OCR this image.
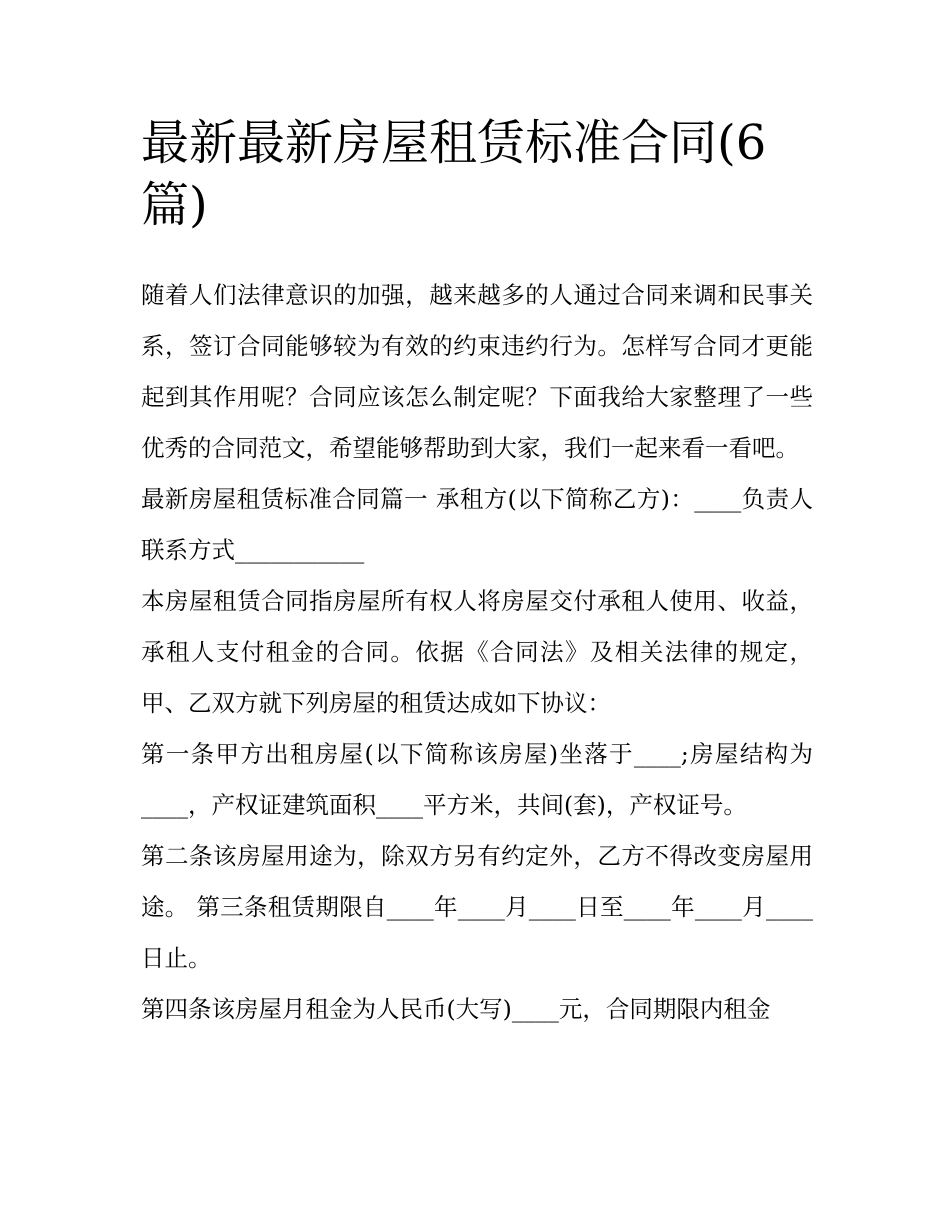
最新最新房屋租赁标准合同(6篇)

随着人们法律意识的加强，越来越多的人通过合同来调和民事关系，签订合同能够较为有效的约束违约行为。怎样写合同才更能起到其作用呢？合同应该怎么制定呢？下面我给大家整理了一些优秀的合同范文，希望能够帮助到大家，我们一起来看一看吧。

最新房屋租赁标准合同篇一 承租方(以下简称乙方)：____负责人联系方式___________

本房屋租赁合同指房屋所有权人将房屋交付承租人使用、收益，承租人支付租金的合同。依据《合同法》及相关法律的规定，甲、乙双方就下列房屋的租赁达成如下协议：

第一条甲方出租房屋(以下简称该房屋)坐落于____;房屋结构为____，产权证建筑面积____平方米，共间(套)，产权证号。

第二条该房屋用途为，除双方另有约定外，乙方不得改变房屋用途。 第三条租赁期限自____年____月____日至____年____月____日止。

第四条该房屋月租金为人民币(大写)____元，合同期限内租金
